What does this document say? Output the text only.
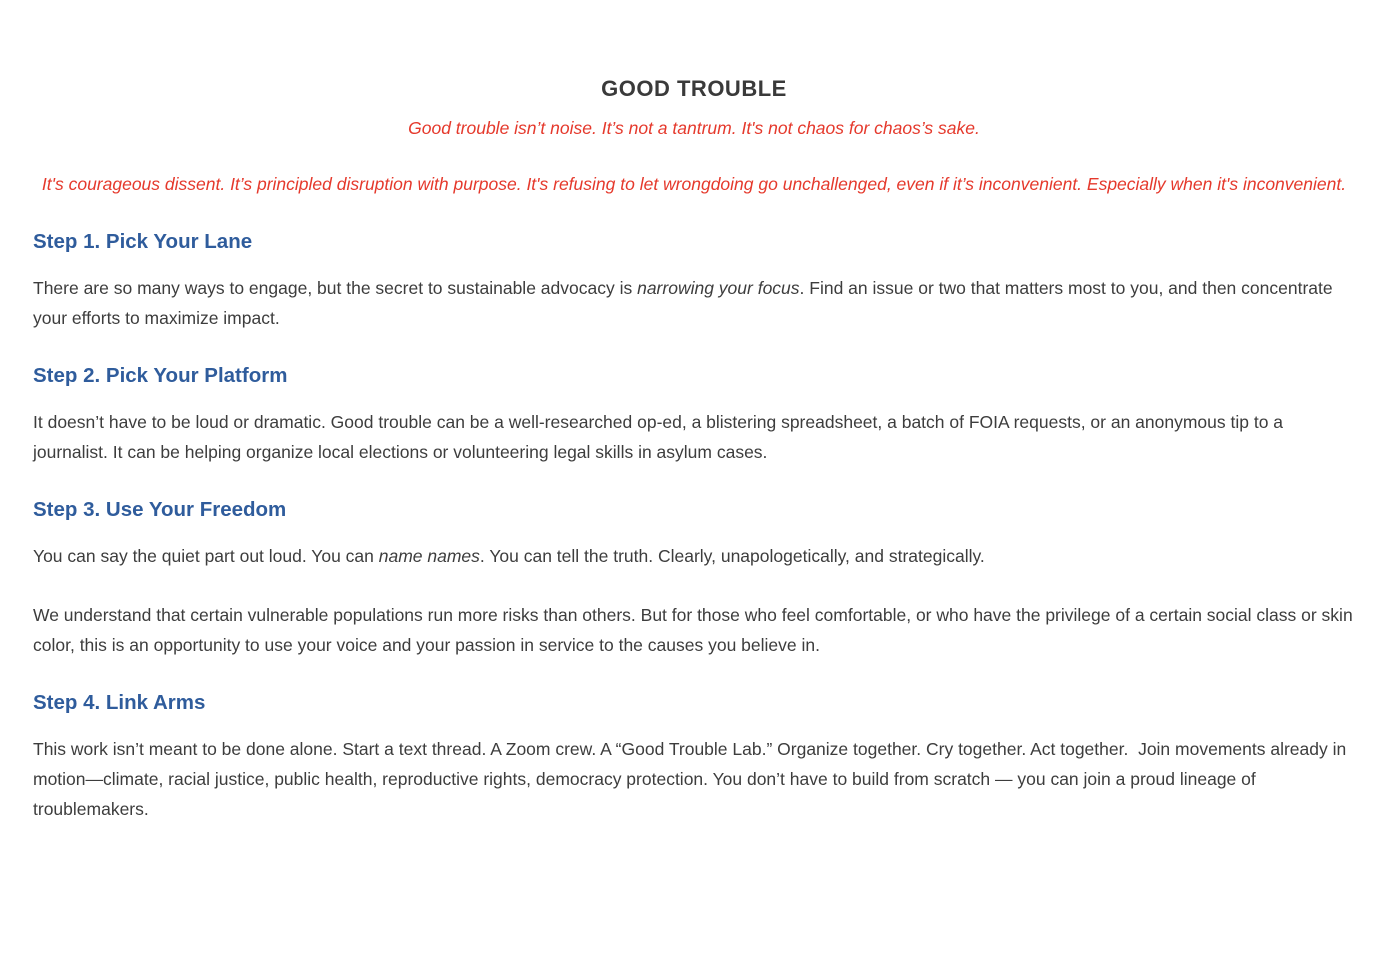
GOOD TROUBLE

Good trouble isn’t noise. It’s not a tantrum. It's not chaos for chaos’s sake.

It's courageous dissent. It’s principled disruption with purpose. It's refusing to let wrongdoing go unchallenged, even if it’s inconvenient. Especially when it's inconvenient.

Step 1. Pick Your Lane

There are so many ways to engage, but the secret to sustainable advocacy is narrowing your focus. Find an issue or two that matters most to you, and then concentrate your efforts to maximize impact.

Step 2. Pick Your Platform

It doesn’t have to be loud or dramatic. Good trouble can be a well-researched op-ed, a blistering spreadsheet, a batch of FOIA requests, or an anonymous tip to a journalist. It can be helping organize local elections or volunteering legal skills in asylum cases.

Step 3. Use Your Freedom

You can say the quiet part out loud. You can name names. You can tell the truth. Clearly, unapologetically, and strategically.

We understand that certain vulnerable populations run more risks than others. But for those who feel comfortable, or who have the privilege of a certain social class or skin color, this is an opportunity to use your voice and your passion in service to the causes you believe in.

Step 4. Link Arms

This work isn’t meant to be done alone. Start a text thread. A Zoom crew. A “Good Trouble Lab.” Organize together. Cry together. Act together.  Join movements already in motion—climate, racial justice, public health, reproductive rights, democracy protection. You don’t have to build from scratch — you can join a proud lineage of troublemakers.
